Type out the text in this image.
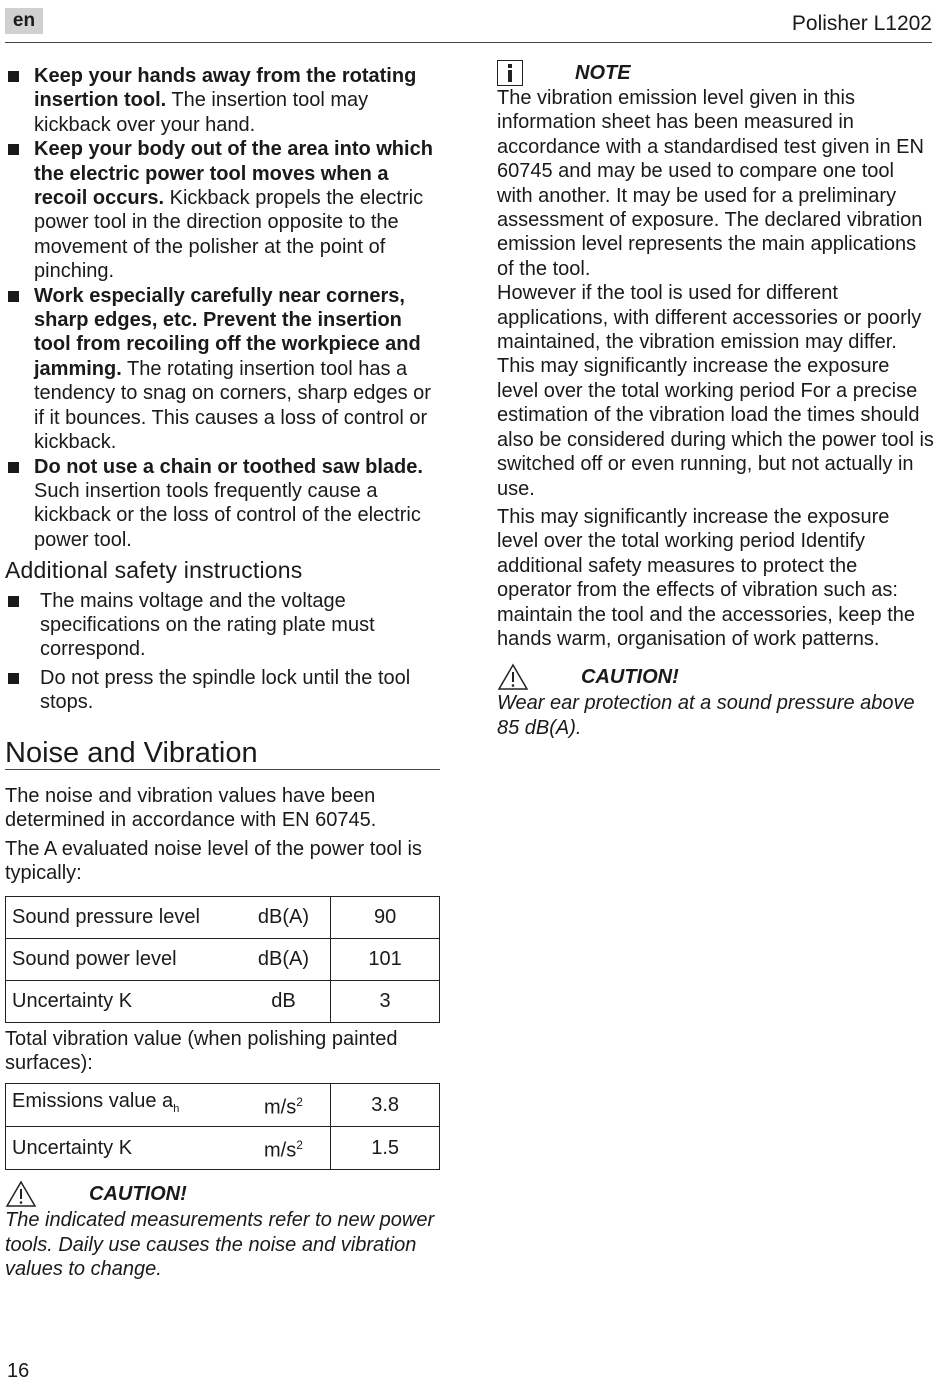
en	Polisher L1202
Keep your hands away from the rotating insertion tool. The insertion tool may kickback over your hand.
Keep your body out of the area into which the electric power tool moves when a recoil occurs. Kickback propels the electric power tool in the direction opposite to the movement of the polisher at the point of pinching.
Work especially carefully near corners, sharp edges, etc. Prevent the insertion tool from recoiling off the workpiece and jamming. The rotating insertion tool has a tendency to snag on corners, sharp edges or if it bounces. This causes a loss of control or kickback.
Do not use a chain or toothed saw blade. Such insertion tools frequently cause a kickback or the loss of control of the electric power tool.
Additional safety instructions
The mains voltage and the voltage specifications on the rating plate must correspond.
Do not press the spindle lock until the tool stops.
Noise and Vibration

The noise and vibration values have been determined in accordance with EN 60745.

The A evaluated noise level of the power tool is typically:

Sound pressure level	dB(A)	90
Sound power level	dB(A)	101
Uncertainty K	dB	3

Total vibration value (when polishing painted surfaces):

Emissions value $a_h$	$m/s^2$	3.8
Uncertainty K	$m/s^2$	1.5
CAUTION!

The indicated measurements refer to new power tools. Daily use causes the noise and vibration values to change.

NOTE

The vibration emission level given in this information sheet has been measured in accordance with a standardised test given in EN 60745 and may be used to compare one tool with another. It may be used for a preliminary assessment of exposure. The declared vibration emission level represents the main applications of the tool.

However if the tool is used for different applications, with different accessories or poorly maintained, the vibration emission may differ.

This may significantly increase the exposure level over the total working period For a precise estimation of the vibration load the times should also be considered during which the power tool is switched off or even running, but not actually in use.

This may significantly increase the exposure level over the total working period Identify additional safety measures to protect the operator from the effects of vibration such as: maintain the tool and the accessories, keep the hands warm, organisation of work patterns.

CAUTION!

Wear ear protection at a sound pressure above 85 dB(A).

16
